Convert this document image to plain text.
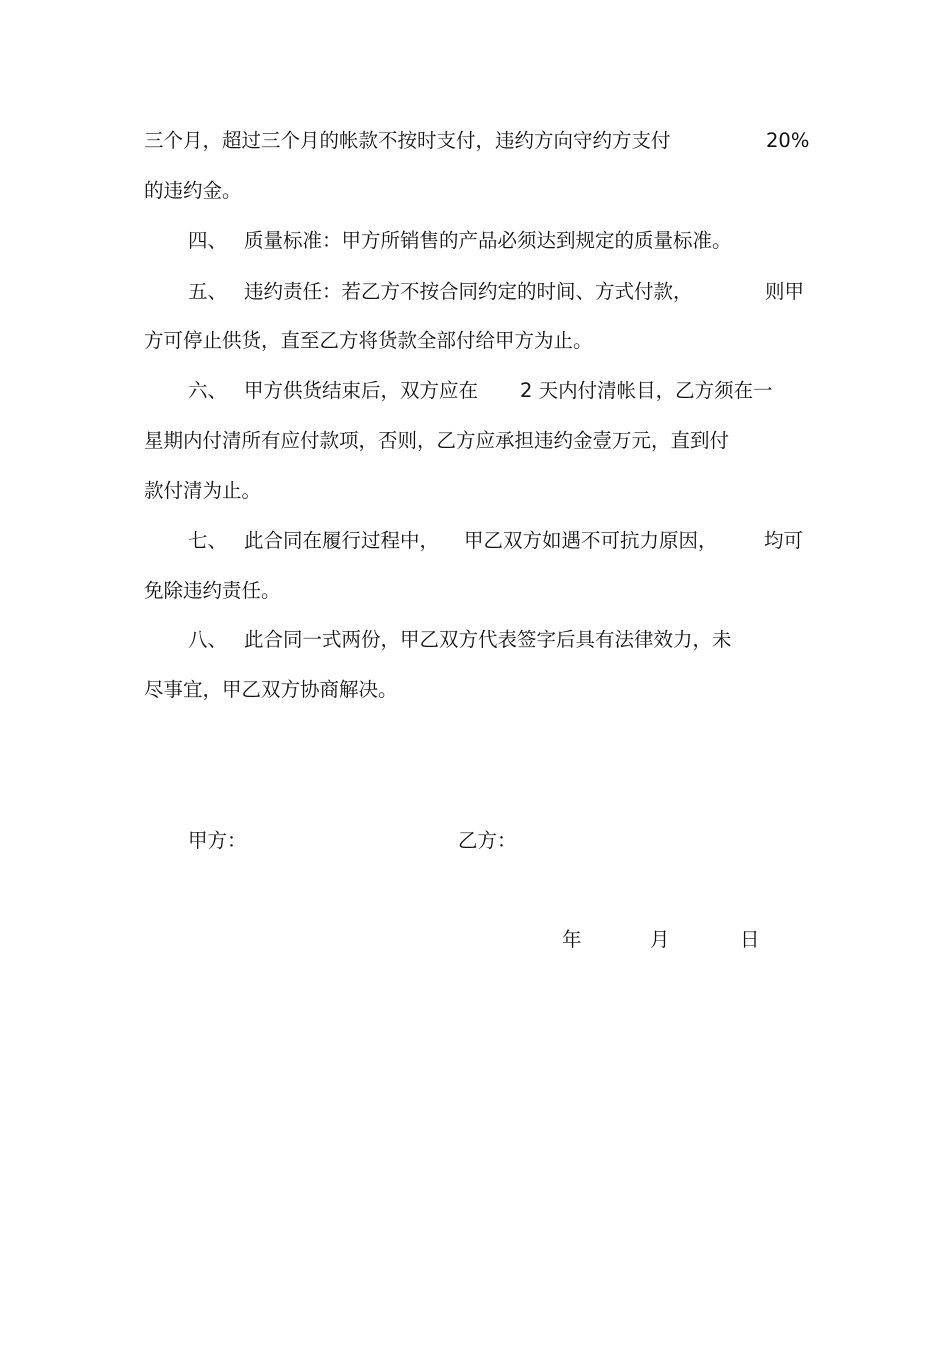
三个月，超过三个月的帐款不按时支付，违约方向守约方支付	20%
的违约金。
四、 质量标准：甲方所销售的产品必须达到规定的质量标准。
五、 违约责任：若乙方不按合同约定的时间、方式付款，	则甲
方可停止供货，直至乙方将货款全部付给甲方为止。
六、 甲方供货结束后，双方应在 2 天内付清帐目，乙方须在一
星期内付清所有应付款项，否则，乙方应承担违约金壹万元，直到付
款付清为止。
七、 此合同在履行过程中， 甲乙双方如遇不可抗力原因， 均可
免除违约责任。
八、 此合同一式两份，甲乙双方代表签字后具有法律效力，未
尽事宜，甲乙双方协商解决。
甲方：	乙方：
年	月	日
